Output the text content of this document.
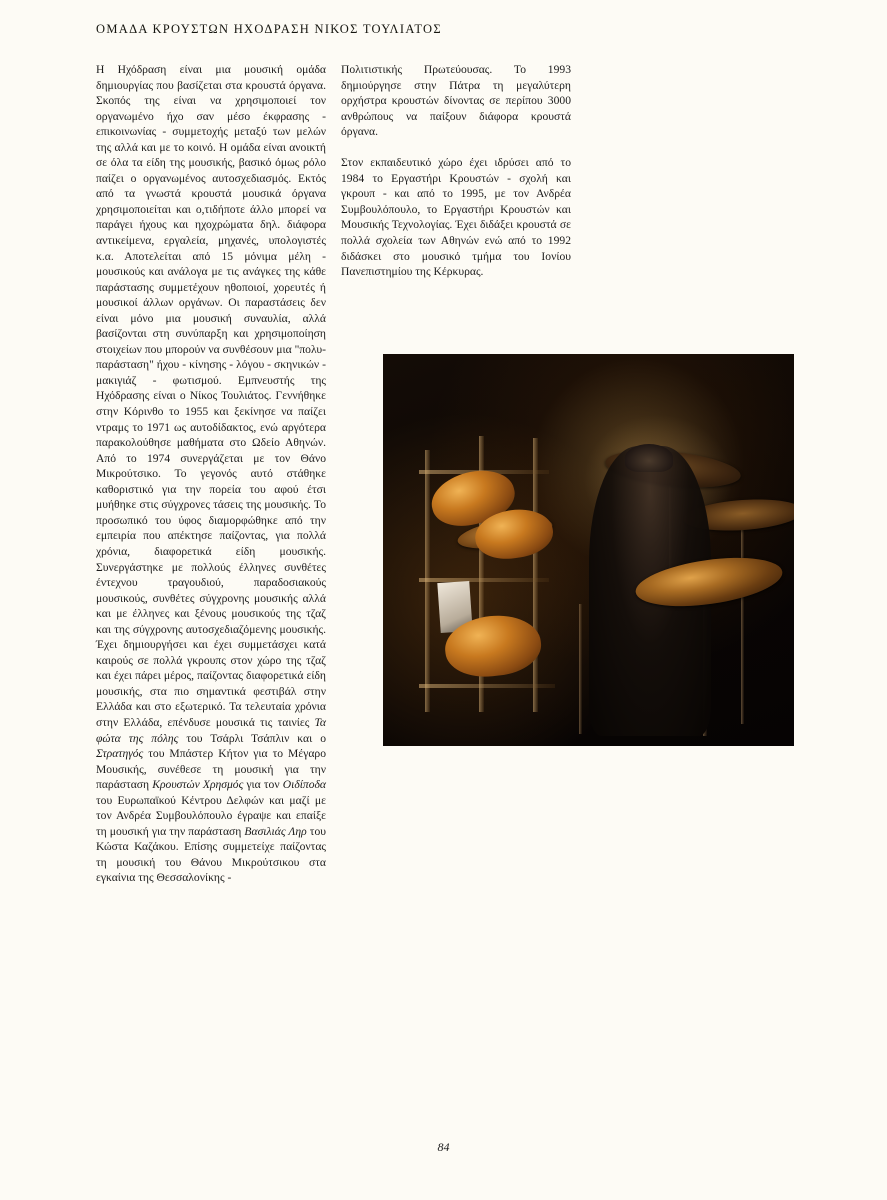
ΟΜΑΔΑ ΚΡΟΥΣΤΩΝ ΗΧΟΔΡΑΣΗ ΝΙΚΟΣ ΤΟΥΛΙΑΤΟΣ

Η Ηχόδραση είναι μια μουσική ομάδα δημιουργίας που βασίζεται στα κρουστά όργανα. Σκοπός της είναι να χρησιμοποιεί τον οργανωμένο ήχο σαν μέσο έκφρασης - επικοινωνίας - συμμετοχής μεταξύ των μελών της αλλά και με το κοινό. Η ομάδα είναι ανοικτή σε όλα τα είδη της μουσικής, βασικό όμως ρόλο παίζει ο οργανωμένος αυτοσχεδιασμός. Εκτός από τα γνωστά κρουστά μουσικά όργανα χρησιμοποιείται και ο,τιδήποτε άλλο μπορεί να παράγει ήχους και ηχοχρώματα δηλ. διάφορα αντικείμενα, εργαλεία, μηχανές, υπολογιστές κ.α. Αποτελείται από 15 μόνιμα μέλη - μουσικούς και ανάλογα με τις ανάγκες της κάθε παράστασης συμμετέχουν ηθοποιοί, χορευτές ή μουσικοί άλλων οργάνων. Οι παραστάσεις δεν είναι μόνο μια μουσική συναυλία, αλλά βασίζονται στη συνύπαρξη και χρησιμοποίηση στοιχείων που μπορούν να συνθέσουν μια "πολυ-παράσταση" ήχου - κίνησης - λόγου - σκηνικών - μακιγιάζ - φωτισμού. Εμπνευστής της Ηχόδρασης είναι ο Νίκος Τουλιάτος. Γεννήθηκε στην Κόρινθο το 1955 και ξεκίνησε να παίζει ντραμς το 1971 ως αυτοδίδακτος, ενώ αργότερα παρακολούθησε μαθήματα στο Ωδείο Αθηνών. Από το 1974 συνεργάζεται με τον Θάνο Μικρούτσικο. Το γεγονός αυτό στάθηκε καθοριστικό για την πορεία του αφού έτσι μυήθηκε στις σύγχρονες τάσεις της μουσικής. Το προσωπικό του ύφος διαμορφώθηκε από την εμπειρία που απέκτησε παίζοντας, για πολλά χρόνια, διαφορετικά είδη μουσικής. Συνεργάστηκε με πολλούς έλληνες συνθέτες έντεχνου τραγουδιού, παραδοσιακούς μουσικούς, συνθέτες σύγχρονης μουσικής αλλά και με έλληνες και ξένους μουσικούς της τζαζ και της σύγχρονης αυτοσχεδιαζόμενης μουσικής. Έχει δημιουργήσει και έχει συμμετάσχει κατά καιρούς σε πολλά γκρουπς στον χώρο της τζαζ και έχει πάρει μέρος, παίζοντας διαφορετικά είδη μουσικής, στα πιο σημαντικά φεστιβάλ στην Ελλάδα και στο εξωτερικό. Τα τελευταία χρόνια στην Ελλάδα, επένδυσε μουσικά τις ταινίες Τα φώτα της πόλης του Τσάρλι Τσάπλιν και ο Στρατηγός του Μπάστερ Κήτον για το Μέγαρο Μουσικής, συνέθεσε τη μουσική για την παράσταση Κρουστών Χρησμός για τον Οιδίποδα του Ευρωπαϊκού Κέντρου Δελφών και μαζί με τον Ανδρέα Συμβουλόπουλο έγραψε και επαίξε τη μουσική για την παράσταση Βασιλιάς Ληρ του Κώστα Καζάκου. Επίσης συμμετείχε παίζοντας τη μουσική του Θάνου Μικρούτσικου στα εγκαίνια της Θεσσαλονίκης -

Πολιτιστικής Πρωτεύουσας. Το 1993 δημιούργησε στην Πάτρα τη μεγαλύτερη ορχήστρα κρουστών δίνοντας σε περίπου 3000 ανθρώπους να παίξουν διάφορα κρουστά όργανα.

Στον εκπαιδευτικό χώρο έχει ιδρύσει από το 1984 το Εργαστήρι Κρουστών - σχολή και γκρουπ - και από το 1995, με τον Ανδρέα Συμβουλόπουλο, το Εργαστήρι Κρουστών και Μουσικής Τεχνολογίας. Έχει διδάξει κρουστά σε πολλά σχολεία των Αθηνών ενώ από το 1992 διδάσκει στο μουσικό τμήμα του Ιονίου Πανεπιστημίου της Κέρκυρας.

84
